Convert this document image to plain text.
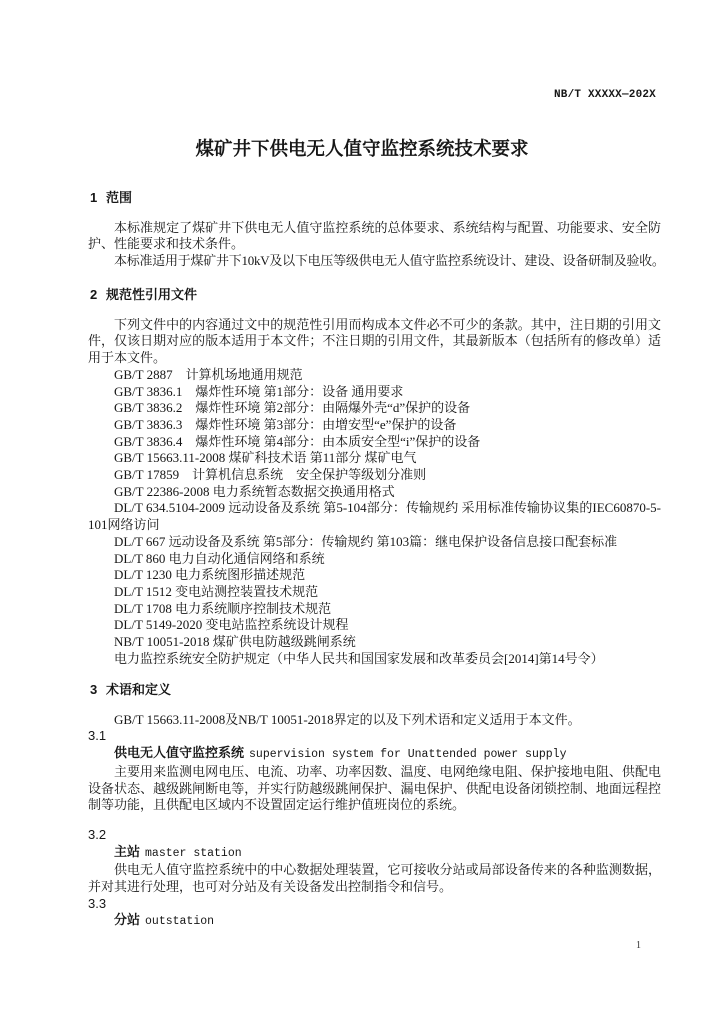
NB/T XXXXX—202X
煤矿井下供电无人值守监控系统技术要求
1 范围

本标准规定了煤矿井下供电无人值守监控系统的总体要求、系统结构与配置、功能要求、安全防护、性能要求和技术条件。

本标准适用于煤矿井下10kV及以下电压等级供电无人值守监控系统设计、建设、设备研制及验收。

2 规范性引用文件

下列文件中的内容通过文中的规范性引用而构成本文件必不可少的条款。其中，注日期的引用文件，仅该日期对应的版本适用于本文件；不注日期的引用文件，其最新版本（包括所有的修改单）适用于本文件。

GB/T 2887　计算机场地通用规范

GB/T 3836.1　爆炸性环境 第1部分：设备 通用要求

GB/T 3836.2　爆炸性环境 第2部分：由隔爆外壳“d”保护的设备

GB/T 3836.3　爆炸性环境 第3部分：由增安型“e”保护的设备

GB/T 3836.4　爆炸性环境 第4部分：由本质安全型“i”保护的设备

GB/T 15663.11-2008 煤矿科技术语 第11部分 煤矿电气

GB/T 17859　计算机信息系统　安全保护等级划分准则

GB/T 22386-2008 电力系统暂态数据交换通用格式

DL/T 634.5104-2009 远动设备及系统 第5-104部分：传输规约 采用标准传输协议集的IEC60870-5-101网络访问

DL/T 667 远动设备及系统 第5部分：传输规约 第103篇：继电保护设备信息接口配套标准

DL/T 860 电力自动化通信网络和系统

DL/T 1230 电力系统图形描述规范

DL/T 1512 变电站测控装置技术规范

DL/T 1708 电力系统顺序控制技术规范

DL/T 5149-2020 变电站监控系统设计规程

NB/T 10051-2018 煤矿供电防越级跳闸系统

电力监控系统安全防护规定（中华人民共和国国家发展和改革委员会[2014]第14号令）

3 术语和定义

GB/T 15663.11-2008及NB/T 10051-2018界定的以及下列术语和定义适用于本文件。

3.1

供电无人值守监控系统 supervision system for Unattended power supply

主要用来监测电网电压、电流、功率、功率因数、温度、电网绝缘电阻、保护接地电阻、供配电设备状态、越级跳闸断电等，并实行防越级跳闸保护、漏电保护、供配电设备闭锁控制、地面远程控制等功能，且供配电区域内不设置固定运行维护值班岗位的系统。

3.2

主站 master station

供电无人值守监控系统中的中心数据处理装置，它可接收分站或局部设备传来的各种监测数据，并对其进行处理，也可对分站及有关设备发出控制指令和信号。

3.3

分站 outstation

1
